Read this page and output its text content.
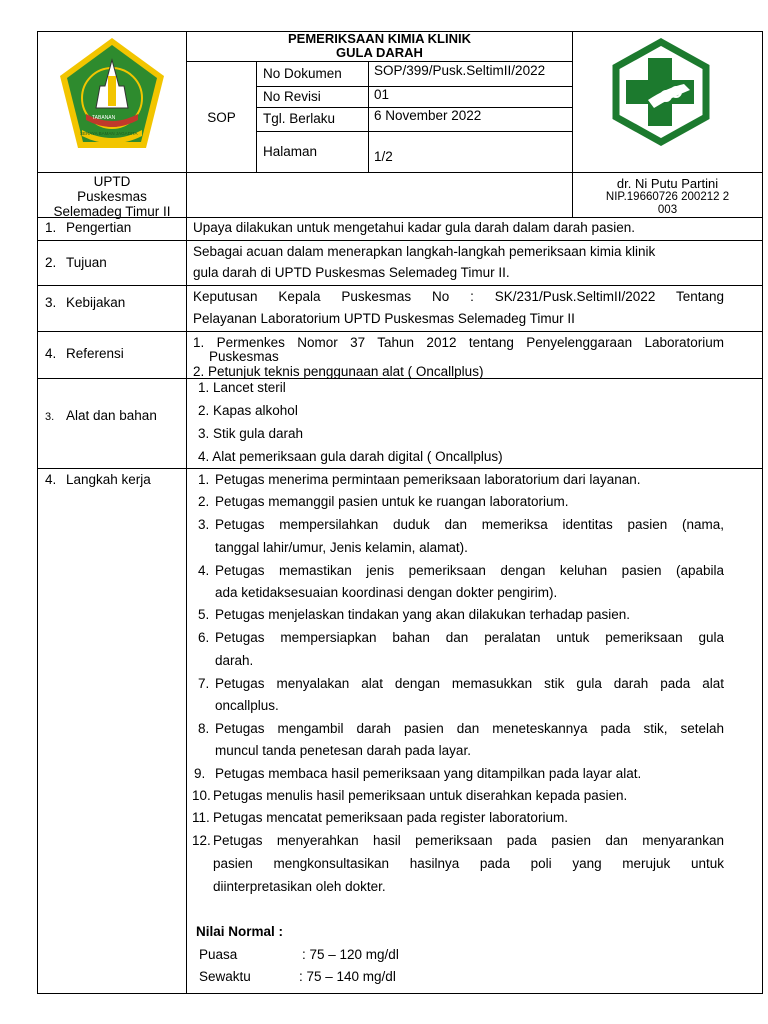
TABANAN
SERAYA BAMAN JAGADITA
PEMERIKSAAN KIMIA KLINIK
GULA DARAH
SOP
No Dokumen SOP/399/Pusk.SeltimII/2022
No Revisi	01
Tgl. Berlaku	6 November 2022
Halaman	1/2
UPTD
Puskesmas
Selemadeg Timur II
dr. Ni Putu Partini
NIP.19660726 200212 2
003
1. Pengertian	Upaya dilakukan untuk mengetahui kadar gula darah dalam darah pasien.
2. Tujuan
Sebagai acuan dalam menerapkan langkah-langkah pemeriksaan kimia klinik
gula darah di UPTD Puskesmas Selemadeg Timur II.
3. Kebijakan	Keputusan Kepala Puskesmas No : SK/231/Pusk.SeltimII/2022 Tentang
Pelayanan Laboratorium UPTD Puskesmas Selemadeg Timur II
4. Referensi
1. Permenkes Nomor 37 Tahun 2012 tentang Penyelenggaraan Laboratorium
Puskesmas
2. Petunjuk teknis penggunaan alat ( Oncallplus)
3. Alat dan bahan
1. Lancet steril
2. Kapas alkohol
3. Stik gula darah
4. Alat pemeriksaan gula darah digital ( Oncallplus)
4. Langkah kerja	1. Petugas menerima permintaan pemeriksaan laboratorium dari layanan.
2. Petugas memanggil pasien untuk ke ruangan laboratorium.
3. Petugas mempersilahkan duduk dan memeriksa identitas pasien (nama,
tanggal lahir/umur, Jenis kelamin, alamat).
4. Petugas memastikan jenis pemeriksaan dengan keluhan pasien (apabila
ada ketidaksesuaian koordinasi dengan dokter pengirim).
5. Petugas menjelaskan tindakan yang akan dilakukan terhadap pasien.
6. Petugas mempersiapkan bahan dan peralatan untuk pemeriksaan gula
darah.
7. Petugas menyalakan alat dengan memasukkan stik gula darah pada alat
oncallplus.
8. Petugas mengambil darah pasien dan meneteskannya pada stik, setelah
muncul tanda penetesan darah pada layar.
9. Petugas membaca hasil pemeriksaan yang ditampilkan pada layar alat.
10. Petugas menulis hasil pemeriksaan untuk diserahkan kepada pasien.
11. Petugas mencatat pemeriksaan pada register laboratorium.
12. Petugas menyerahkan hasil pemeriksaan pada pasien dan menyarankan
pasien mengkonsultasikan hasilnya pada poli yang merujuk untuk
diinterpretasikan oleh dokter.
Nilai Normal :
Puasa	: 75 – 120 mg/dl
Sewaktu	: 75 – 140 mg/dl
